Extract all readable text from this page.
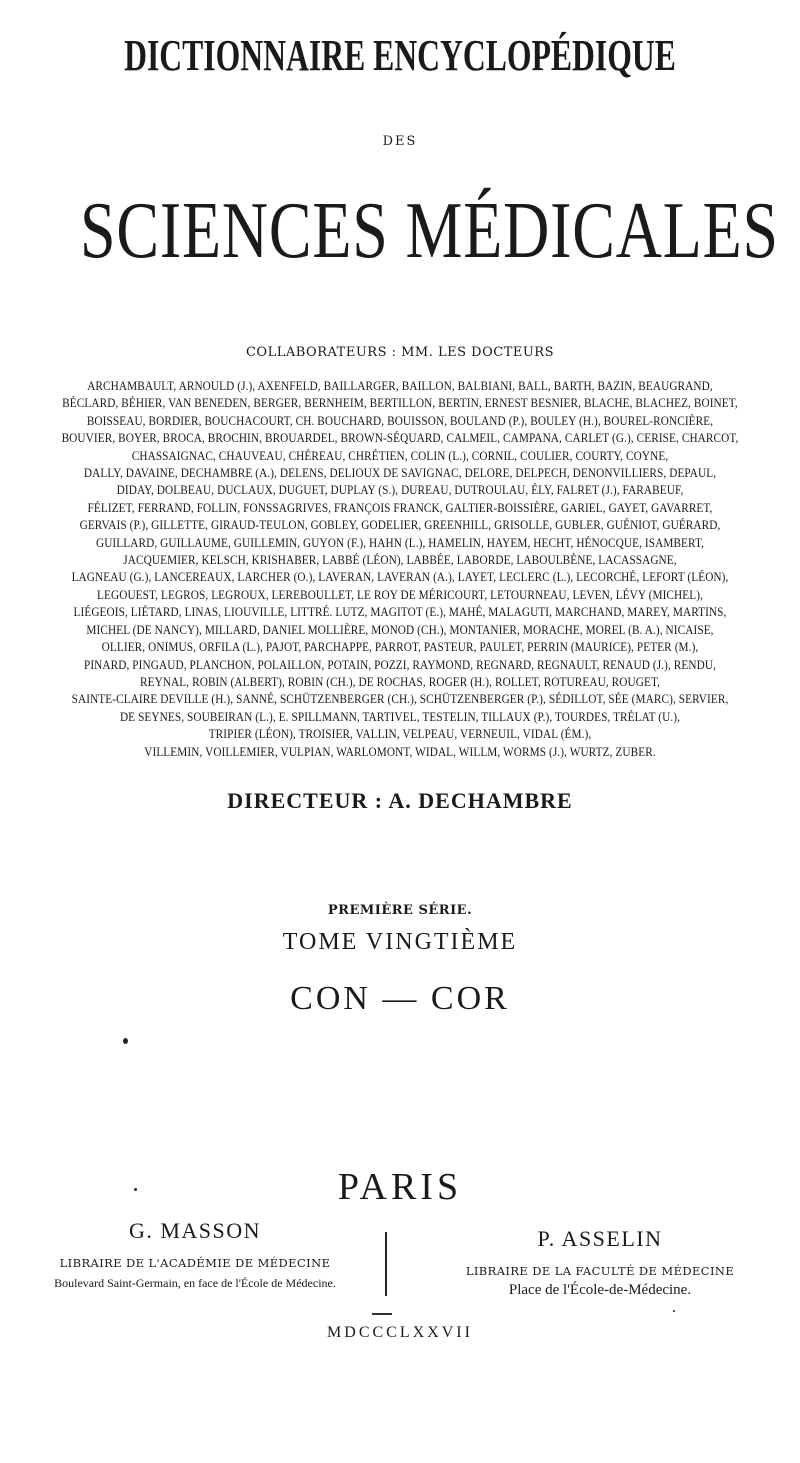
DICTIONNAIRE ENCYCLOPÉDIQUE
DES
SCIENCES MÉDICALES
COLLABORATEURS : MM. LES DOCTEURS
ARCHAMBAULT, ARNOULD (J.), AXENFELD, BAILLARGER, BAILLON, BALBIANI, BALL, BARTH, BAZIN, BEAUGRAND,
BÉCLARD, BÉHIER, VAN BENEDEN, BERGER, BERNHEIM, BERTILLON, BERTIN, ERNEST BESNIER, BLACHE, BLACHEZ, BOINET,
BOISSEAU, BORDIER, BOUCHACOURT, CH. BOUCHARD, BOUISSON, BOULAND (P.), BOULEY (H.), BOUREL-RONCIÈRE,
BOUVIER, BOYER, BROCA, BROCHIN, BROUARDEL, BROWN-SÉQUARD, CALMEIL, CAMPANA, CARLET (G.), CERISE, CHARCOT,
CHASSAIGNAC, CHAUVEAU, CHÉREAU, CHRÉTIEN, COLIN (L.), CORNIL, COULIER, COURTY, COYNE,
DALLY, DAVAINE, DECHAMBRE (A.), DELENS, DELIOUX DE SAVIGNAC, DELORE, DELPECH, DENONVILLIERS, DEPAUL,
DIDAY, DOLBEAU, DUCLAUX, DUGUET, DUPLAY (S.), DUREAU, DUTROULAU, ÉLY, FALRET (J.), FARABEUF,
FÉLIZET, FERRAND, FOLLIN, FONSSAGRIVES, FRANÇOIS FRANCK, GALTIER-BOISSIÈRE, GARIEL, GAYET, GAVARRET,
GERVAIS (P.), GILLETTE, GIRAUD-TEULON, GOBLEY, GODELIER, GREENHILL, GRISOLLE, GUBLER, GUÉNIOT, GUÉRARD,
GUILLARD, GUILLAUME, GUILLEMIN, GUYON (F.), HAHN (L.), HAMELIN, HAYEM, HECHT, HÉNOCQUE, ISAMBERT,
JACQUEMIER, KELSCH, KRISHABER, LABBÉ (LÉON), LABBÉE, LABORDE, LABOULBÈNE, LACASSAGNE,
LAGNEAU (G.), LANCEREAUX, LARCHER (O.), LAVERAN, LAVERAN (A.), LAYET, LECLERC (L.), LECORCHÉ, LEFORT (LÉON),
LEGOUEST, LEGROS, LEGROUX, LEREBOULLET, LE ROY DE MÉRICOURT, LETOURNEAU, LEVEN, LÉVY (MICHEL),
LIÉGEOIS, LIÉTARD, LINAS, LIOUVILLE, LITTRÉ. LUTZ, MAGITOT (E.), MAHÉ, MALAGUTI, MARCHAND, MAREY, MARTINS,
MICHEL (DE NANCY), MILLARD, DANIEL MOLLIÈRE, MONOD (CH.), MONTANIER, MORACHE, MOREL (B. A.), NICAISE,
OLLIER, ONIMUS, ORFILA (L.), PAJOT, PARCHAPPE, PARROT, PASTEUR, PAULET, PERRIN (MAURICE), PETER (M.),
PINARD, PINGAUD, PLANCHON, POLAILLON, POTAIN, POZZI, RAYMOND, REGNARD, REGNAULT, RENAUD (J.), RENDU,
REYNAL, ROBIN (ALBERT), ROBIN (CH.), DE ROCHAS, ROGER (H.), ROLLET, ROTUREAU, ROUGET,
SAINTE-CLAIRE DEVILLE (H.), SANNÉ, SCHÜTZENBERGER (CH.), SCHÜTZENBERGER (P.), SÉDILLOT, SÉE (MARC), SERVIER,
DE SEYNES, SOUBEIRAN (L.), E. SPILLMANN, TARTIVEL, TESTELIN, TILLAUX (P.), TOURDES, TRÉLAT (U.),
TRIPIER (LÉON), TROISIER, VALLIN, VELPEAU, VERNEUIL, VIDAL (ÉM.),
VILLEMIN, VOILLEMIER, VULPIAN, WARLOMONT, WIDAL, WILLM, WORMS (J.), WURTZ, ZUBER.
DIRECTEUR : A. DECHAMBRE
PREMIÈRE SÉRIE.
TOME VINGTIÈME
CON — COR
PARIS
G. MASSON
LIBRAIRE DE L'ACADÉMIE DE MÉDECINE
Boulevard Saint-Germain, en face de l'École de Médecine.
P. ASSELIN
LIBRAIRE DE LA FACULTÉ DE MÉDECINE
Place de l'École-de-Médecine.
MDCCCLXXVII
